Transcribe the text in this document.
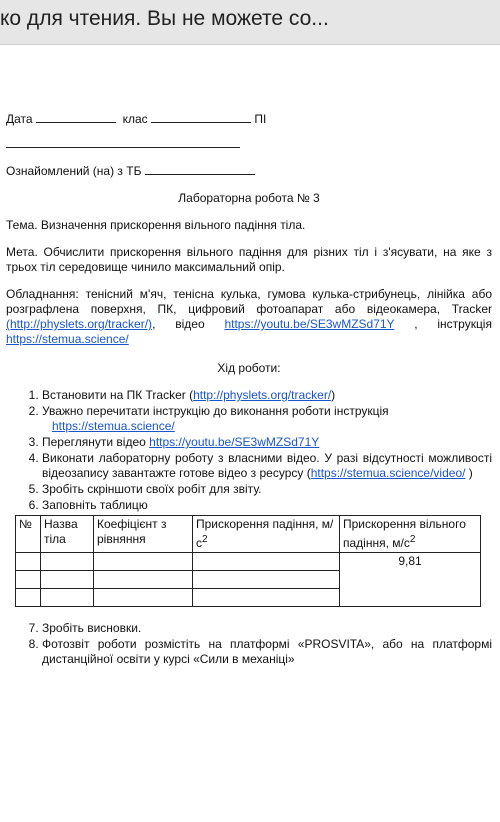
ко для чтения. Вы не можете со...

Дата	клас	ПІ

Ознайомлений (на) з ТБ

Лабораторна робота № 3

Тема. Визначення прискорення вільного падіння тіла.

Мета. Обчислити прискорення вільного падіння для різних тіл і з'ясувати, на яке з трьох тіл середовище чинило максимальний опір.

Обладнання: тенісний м'яч, тенісна кулька, гумова кулька-стрибунець, лінійка або розграфлена поверхня, ПК, цифровий фотоапарат або відеокамера, Tracker (http://physlets.org/tracker/), відео https://youtu.be/SE3wMZSd71Y , інструкція

https://stemua.science/

Хід роботи:

1. Встановити на ПК Tracker (http://physlets.org/tracker/)
2. Уважно перечитати інструкцію до виконання роботи інструкція
https://stemua.science/
3. Переглянути відео https://youtu.be/SE3wMZSd71Y
4. Виконати лабораторну роботу з власними відео. У разі відсутності можливості відеозапису завантажте готове відео з ресурсу (https://stemua.science/video/ )
5. Зробіть скріншоти своїх робіт для звіту.
6. Заповніть таблицю
№	Назва тіла	Коефіцієнт з рівняння	Прискорення падіння, $м/с^2$	Прискорення вільного падіння, $м/с^2$
				9,81

7. Зробіть висновки.
8. Фотозвіт роботи розмістіть на платформі «PROSVITA», або на платформі дистанційної освіти у курсі «Сили в механіці»
